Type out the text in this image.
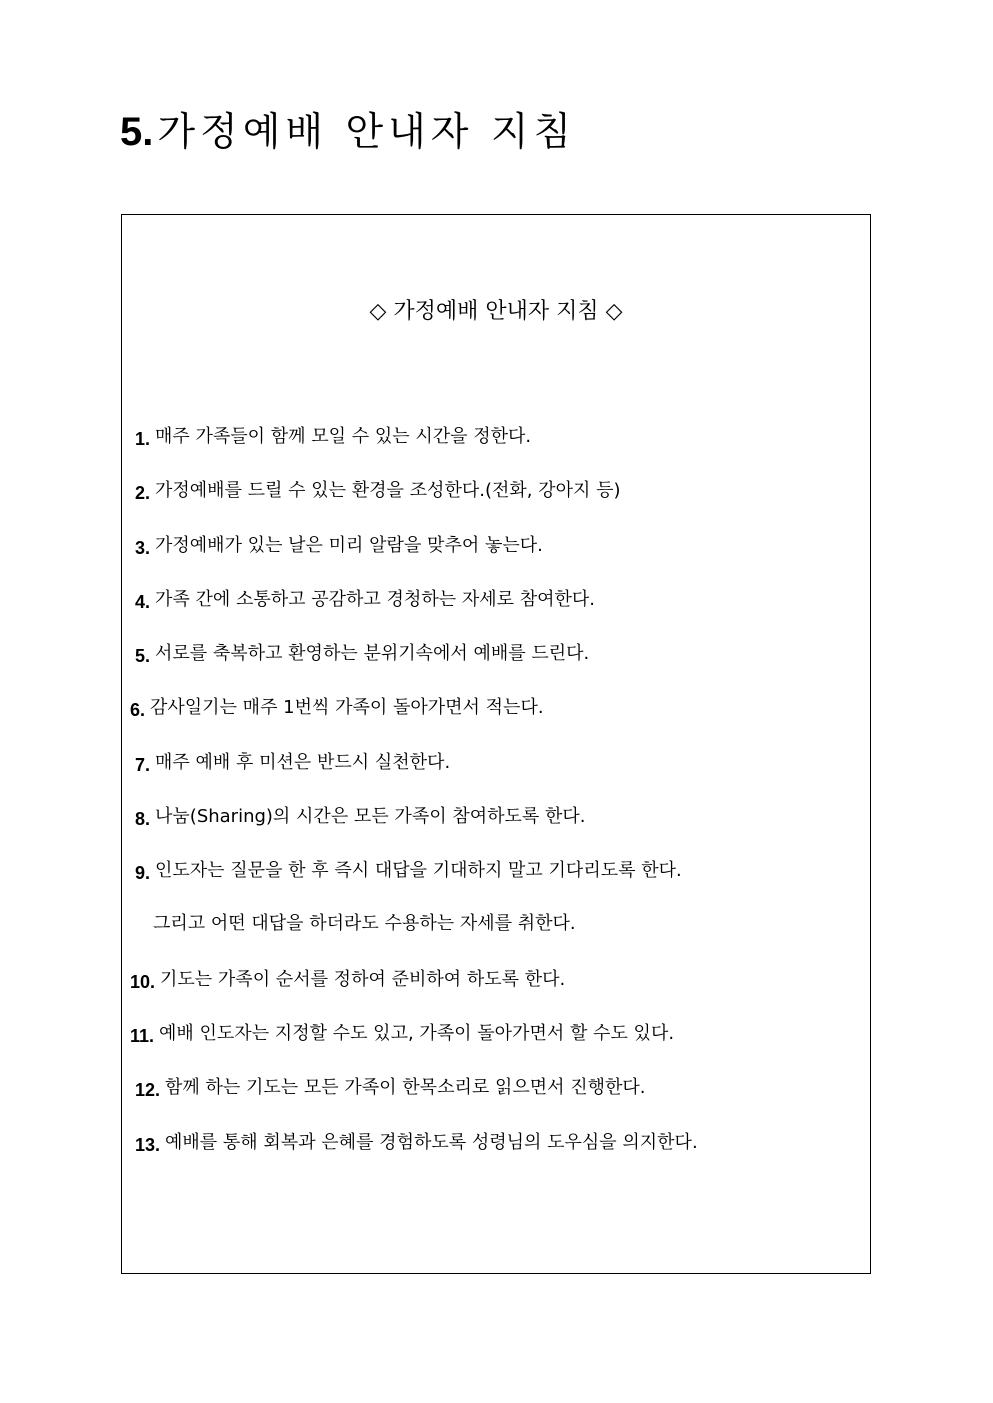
5. 가정예배 안내자 지침
◇ 가정예배 안내자 지침 ◇
1. 매주 가족들이 함께 모일 수 있는 시간을 정한다.
2. 가정예배를 드릴 수 있는 환경을 조성한다.(전화, 강아지 등)
3. 가정예배가 있는 날은 미리 알람을 맞추어 놓는다.
4. 가족 간에 소통하고 공감하고 경청하는 자세로 참여한다.
5. 서로를 축복하고 환영하는 분위기속에서 예배를 드린다.
6. 감사일기는 매주 1번씩 가족이 돌아가면서 적는다.
7. 매주 예배 후 미션은 반드시 실천한다.
8. 나눔(Sharing)의 시간은 모든 가족이 참여하도록 한다.
9. 인도자는 질문을 한 후 즉시 대답을 기대하지 말고 기다리도록 한다.
그리고 어떤 대답을 하더라도 수용하는 자세를 취한다.
10. 기도는 가족이 순서를 정하여 준비하여 하도록 한다.
11. 예배 인도자는 지정할 수도 있고, 가족이 돌아가면서 할 수도 있다.
12. 함께 하는 기도는 모든 가족이 한목소리로 읽으면서 진행한다.
13. 예배를 통해 회복과 은혜를 경험하도록 성령님의 도우심을 의지한다.
